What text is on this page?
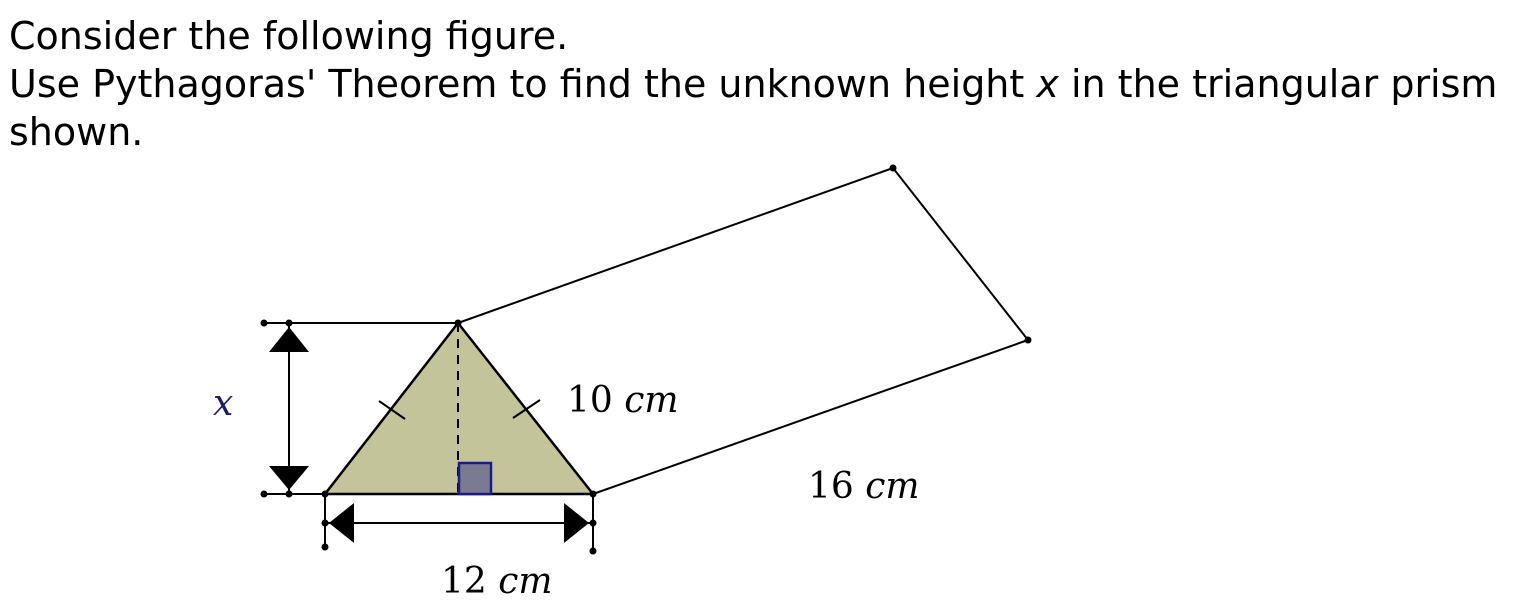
Consider the following figure.

Use Pythagoras' Theorem to find the unknown height x in the triangular prism shown.

x	10 cm
16 cm
12 cm
